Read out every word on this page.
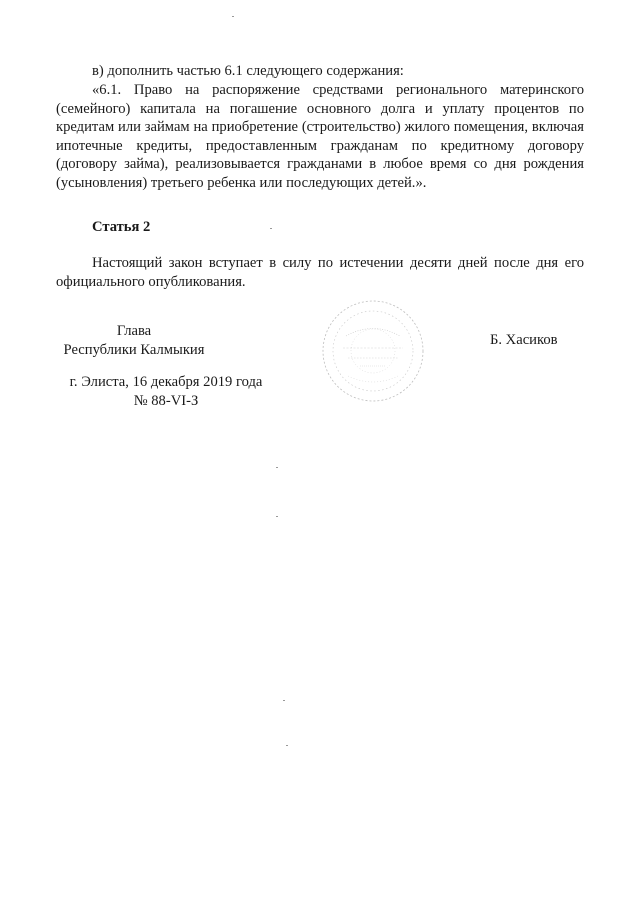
в) дополнить частью 6.1 следующего содержания:
«6.1. Право на распоряжение средствами регионального материнского (семейного) капитала на погашение основного долга и уплату процентов по кредитам или займам на приобретение (строительство) жилого помещения, включая ипотечные кредиты, предоставленным гражданам по кредитному договору (договору займа), реализовывается гражданами в любое время со дня рождения (усыновления) третьего ребенка или последующих детей.».
Статья 2
Настоящий закон вступает в силу по истечении десяти дней после дня его официального опубликования.
Глава
Республики Калмыкия
Б. Хасиков
г. Элиста, 16 декабря 2019 года
№ 88-VI-З
